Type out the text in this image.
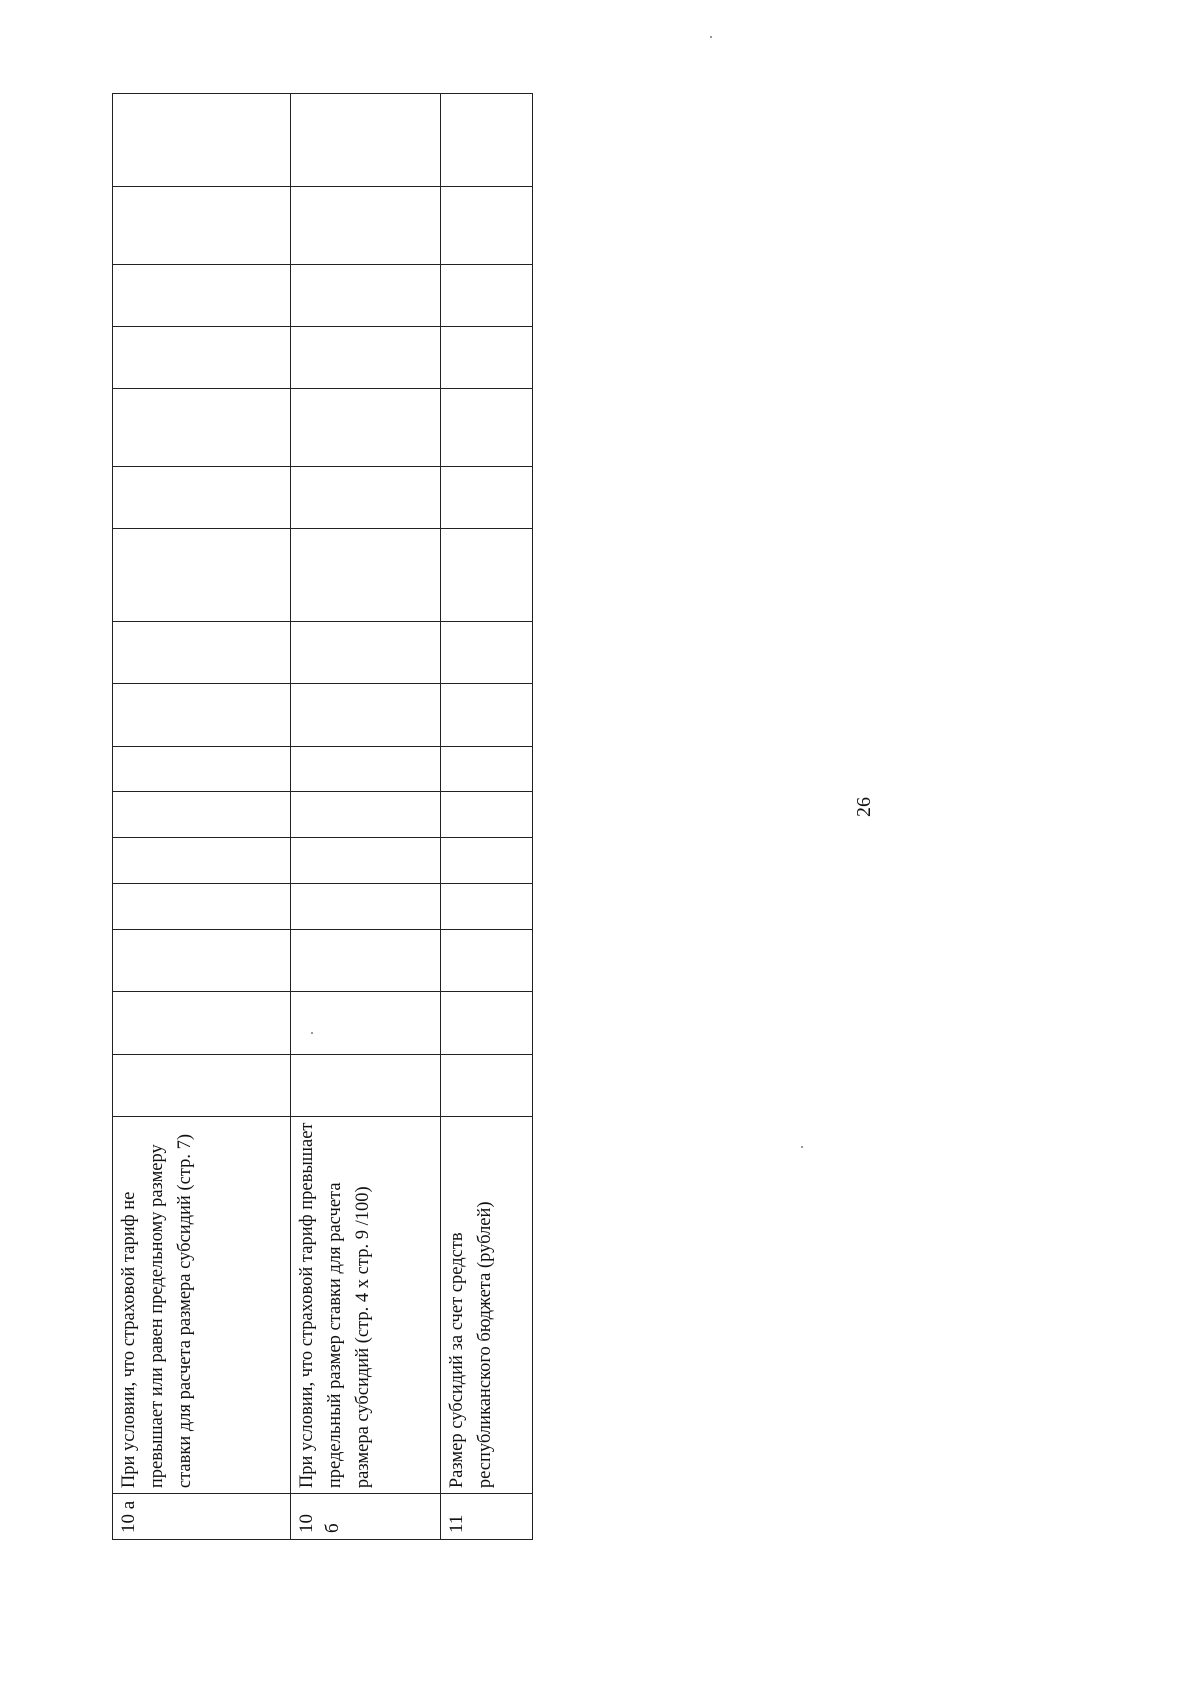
26
10 а	При условии, что страховой тариф не превышает или равен предельному размеру ставки для расчета размера субсидий (стр. 7)																
10 б	При условии, что страховой тариф превышает предельный размер ставки для расчета размера субсидий (стр. 4 х стр. 9 /100)																
11	Размер субсидий за счет средств республиканского бюджета (рублей)																
